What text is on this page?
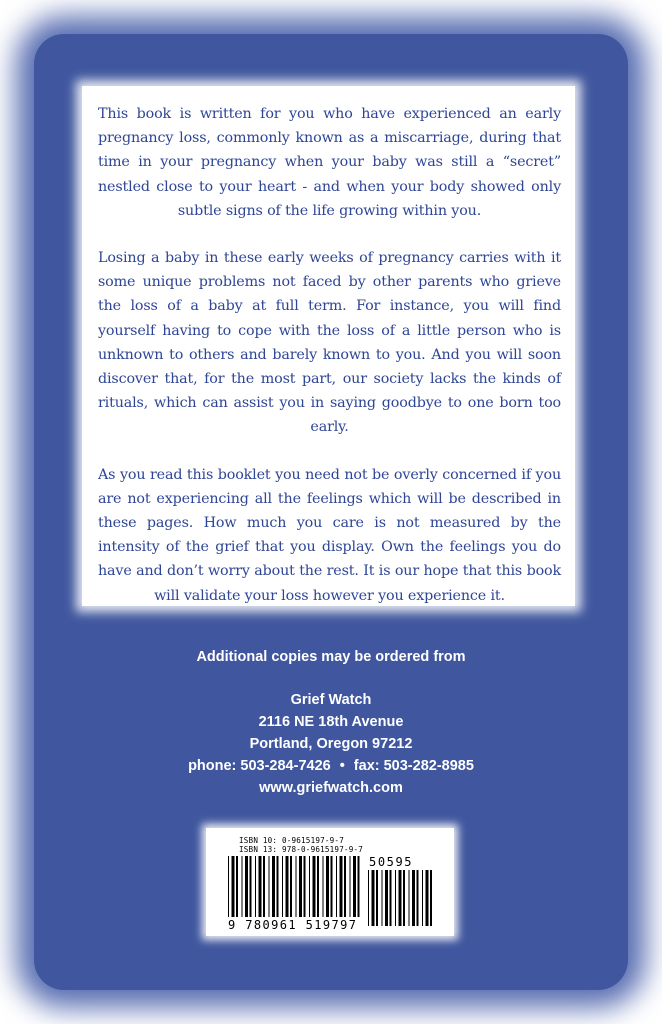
This book is written for you who have experienced an early pregnancy loss, commonly known as a miscarriage, during that time in your pregnancy when your baby was still a “secret” nestled close to your heart - and when your body showed only subtle signs of the life growing within you.

Losing a baby in these early weeks of pregnancy carries with it some unique problems not faced by other parents who grieve the loss of a baby at full term. For instance, you will find yourself having to cope with the loss of a little person who is unknown to others and barely known to you. And you will soon discover that, for the most part, our society lacks the kinds of rituals, which can assist you in saying goodbye to one born too early.

As you read this booklet you need not be overly concerned if you are not experiencing all the feelings which will be described in these pages. How much you care is not measured by the intensity of the grief that you display. Own the feelings you do have and don’t worry about the rest. It is our hope that this book will validate your loss however you experience it.

Additional copies may be ordered from
Grief Watch
2116 NE 18th Avenue
Portland, Oregon 97212
phone: 503-284-7426 • fax: 503-282-8985
www.griefwatch.com
ISBN 10: 0-9615197-9-7
ISBN 13: 978-0-9615197-9-7
50595
9 780961 519797
